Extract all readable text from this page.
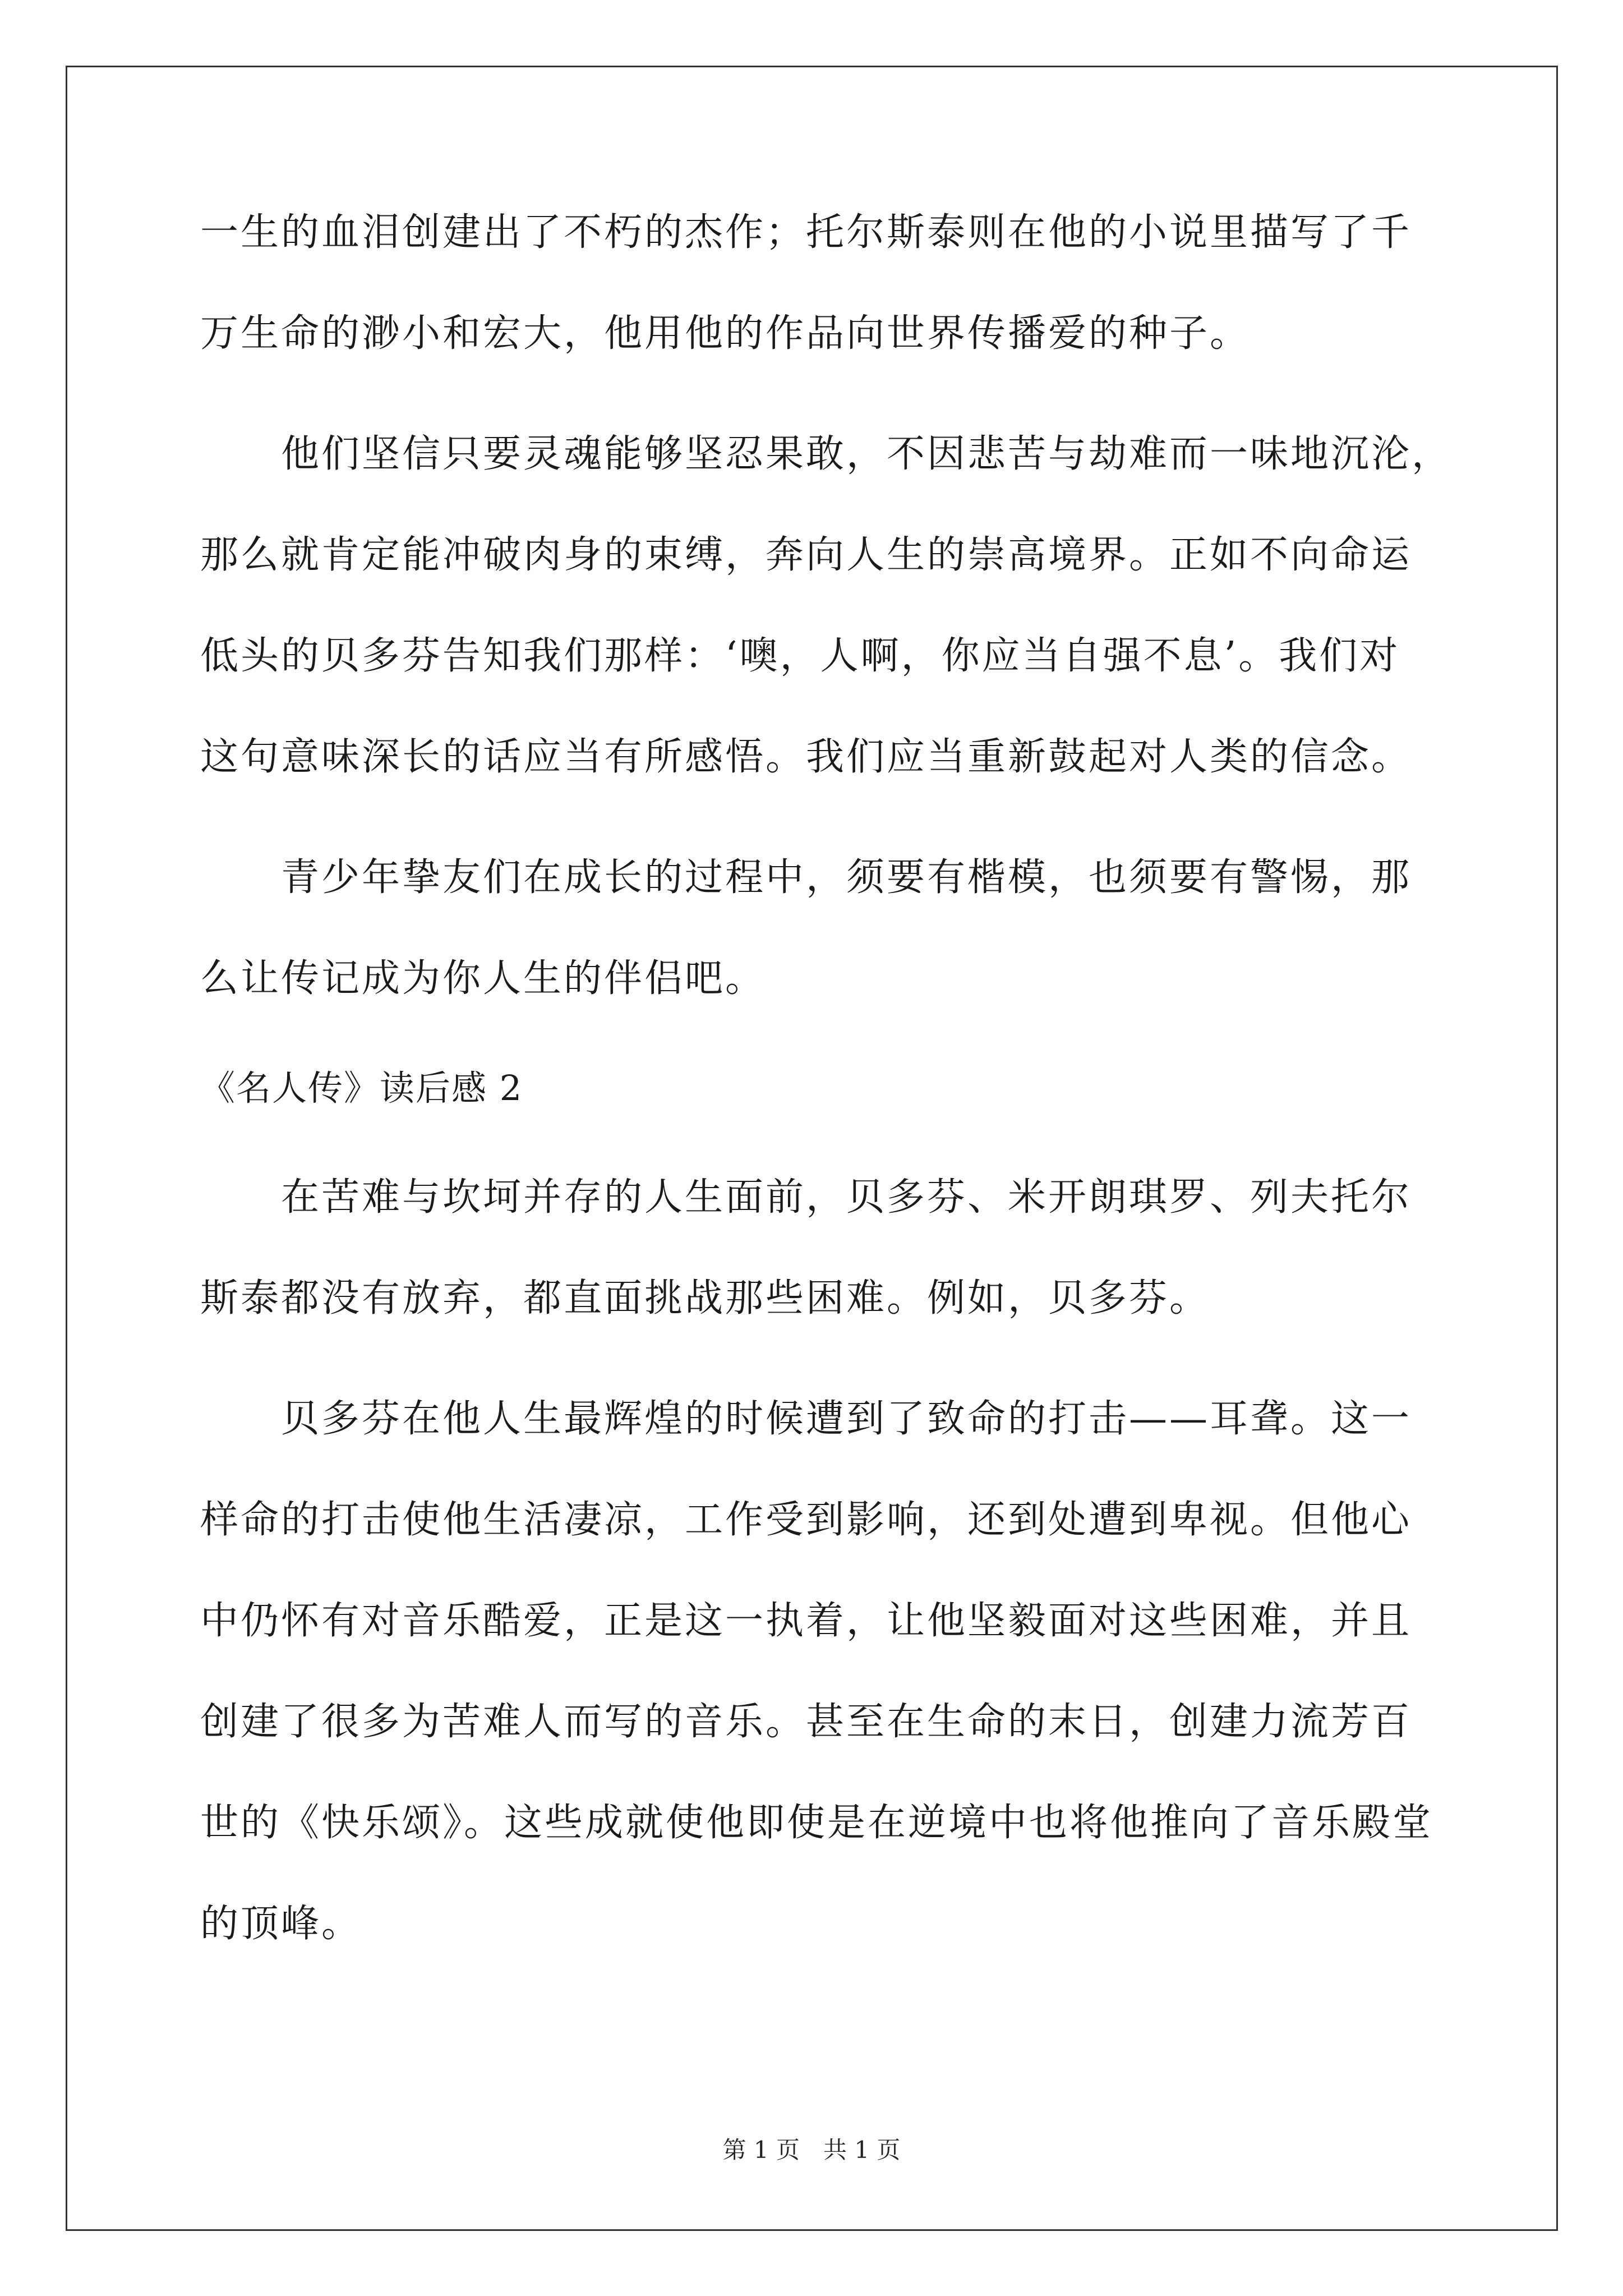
一生的血泪创建出了不朽的杰作；托尔斯泰则在他的小说里描写了千
万生命的渺小和宏大，他用他的作品向世界传播爱的种子。
　　他们坚信只要灵魂能够坚忍果敢，不因悲苦与劫难而一味地沉沦，
那么就肯定能冲破肉身的束缚，奔向人生的崇高境界。正如不向命运
低头的贝多芬告知我们那样：‘噢，人啊，你应当自强不息’。我们对
这句意味深长的话应当有所感悟。我们应当重新鼓起对人类的信念。
　　青少年挚友们在成长的过程中，须要有楷模，也须要有警惕，那
么让传记成为你人生的伴侣吧。
《名人传》读后感 2
　　在苦难与坎坷并存的人生面前，贝多芬、米开朗琪罗、列夫托尔
斯泰都没有放弃，都直面挑战那些困难。例如，贝多芬。
　　贝多芬在他人生最辉煌的时候遭到了致命的打击——耳聋。这一
样命的打击使他生活凄凉，工作受到影响，还到处遭到卑视。但他心
中仍怀有对音乐酷爱，正是这一执着，让他坚毅面对这些困难，并且
创建了很多为苦难人而写的音乐。甚至在生命的末日，创建力流芳百
世的《快乐颂》。这些成就使他即使是在逆境中也将他推向了音乐殿堂
的顶峰。
第 1 页　共 1 页
